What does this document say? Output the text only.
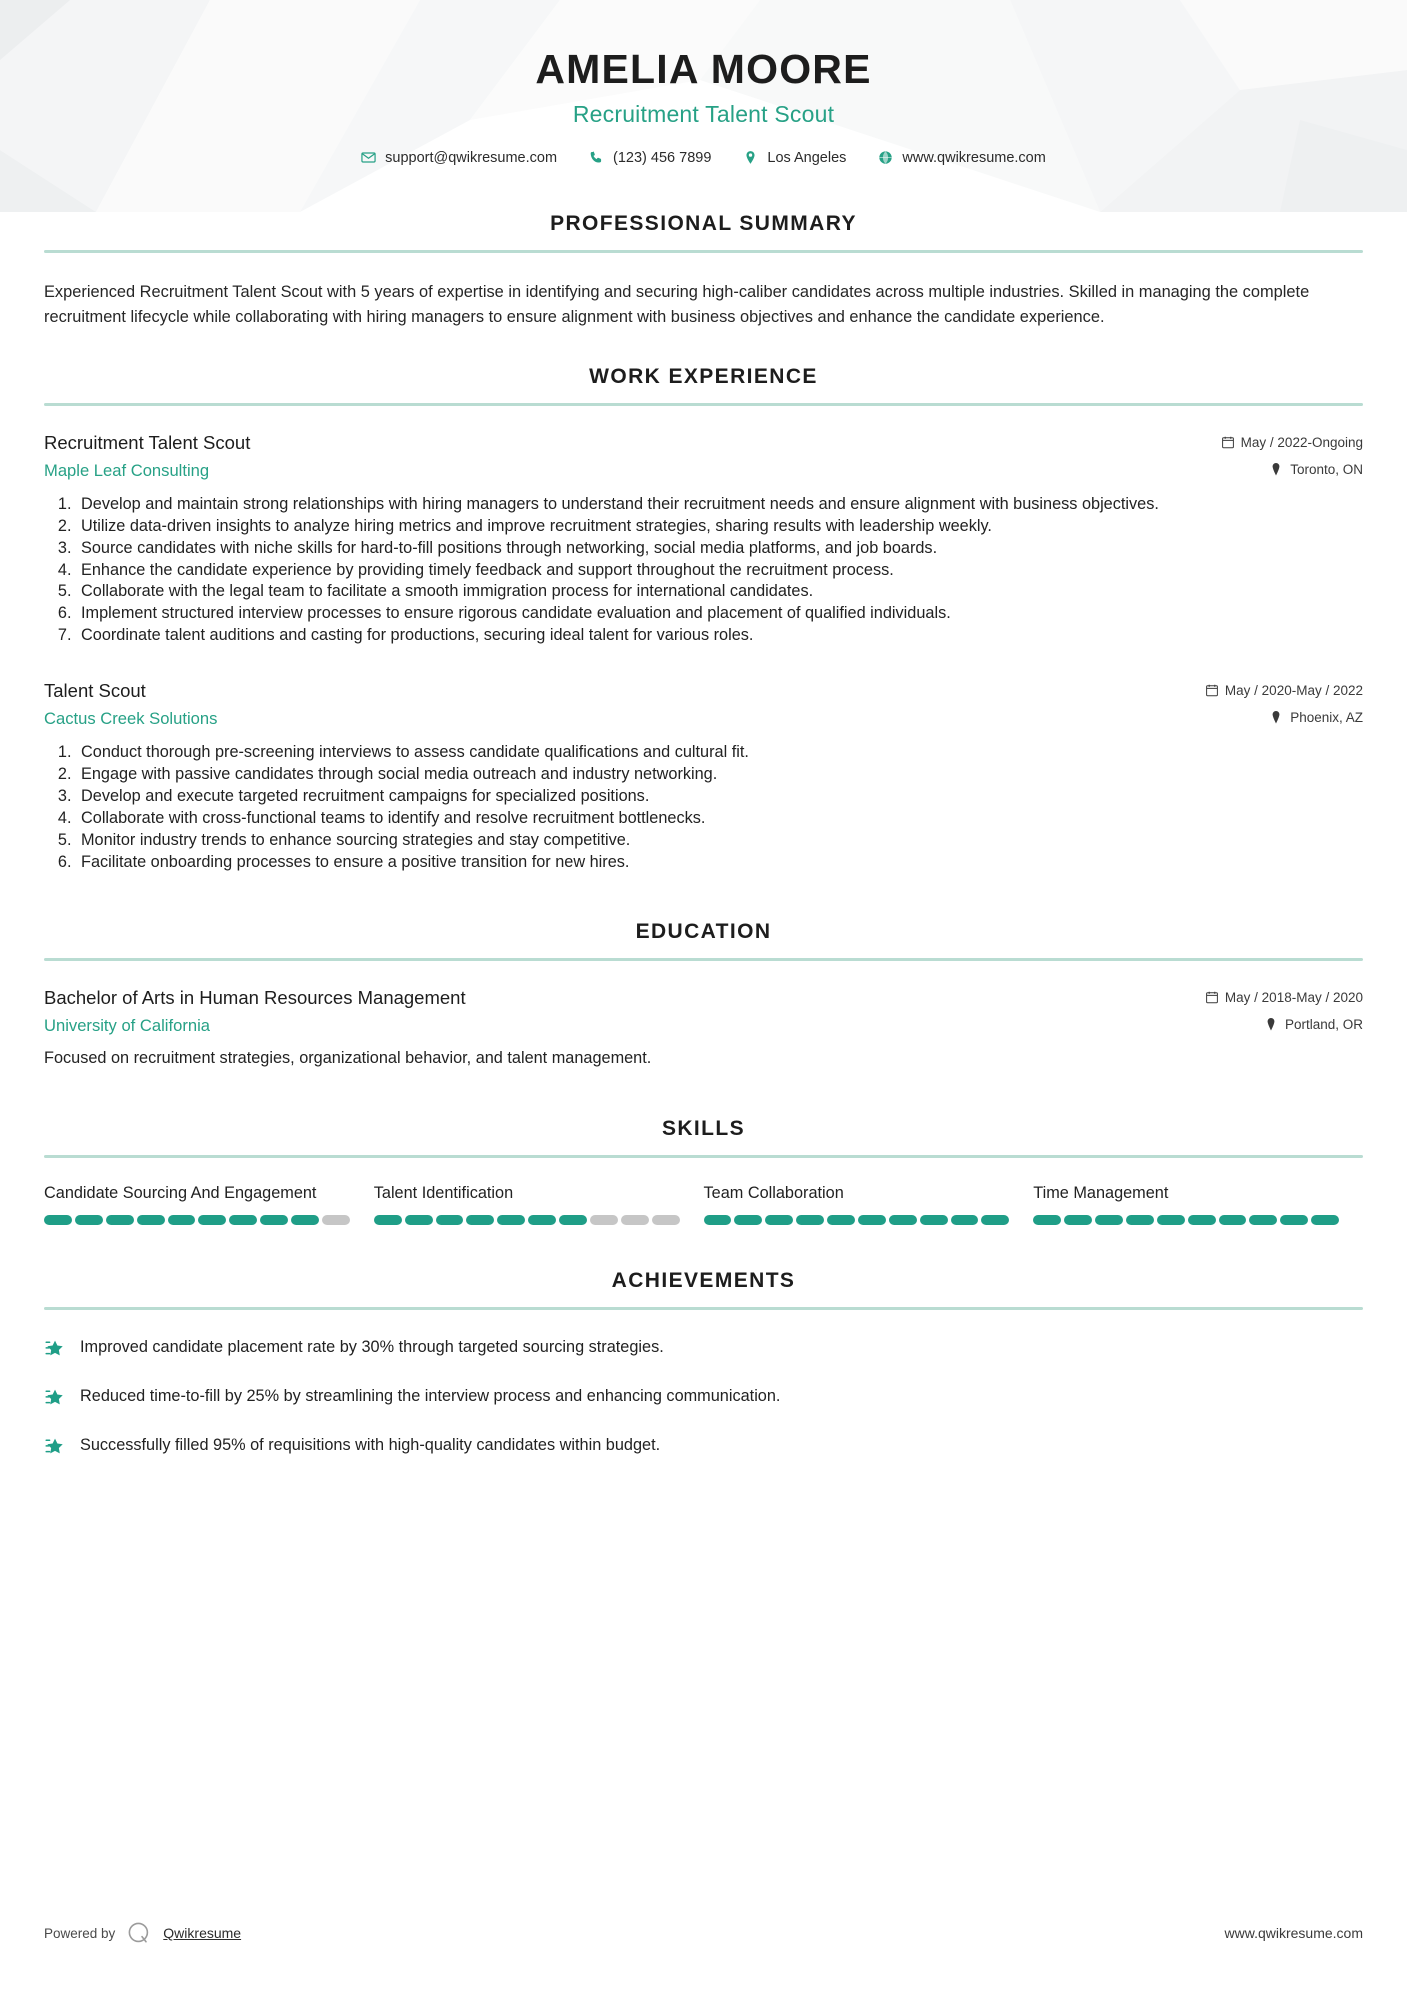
AMELIA MOORE
Recruitment Talent Scout
support@qwikresume.com	(123) 456 7899	Los Angeles	www.qwikresume.com
PROFESSIONAL SUMMARY

Experienced Recruitment Talent Scout with 5 years of expertise in identifying and securing high-caliber candidates across multiple industries. Skilled in managing the complete recruitment lifecycle while collaborating with hiring managers to ensure alignment with business objectives and enhance the candidate experience.

WORK EXPERIENCE
Recruitment Talent Scout	May / 2022-Ongoing
Maple Leaf Consulting	Toronto, ON
1. Develop and maintain strong relationships with hiring managers to understand their recruitment needs and ensure alignment with business objectives.
2. Utilize data-driven insights to analyze hiring metrics and improve recruitment strategies, sharing results with leadership weekly.
3. Source candidates with niche skills for hard-to-fill positions through networking, social media platforms, and job boards.
4. Enhance the candidate experience by providing timely feedback and support throughout the recruitment process.
5. Collaborate with the legal team to facilitate a smooth immigration process for international candidates.
6. Implement structured interview processes to ensure rigorous candidate evaluation and placement of qualified individuals.
7. Coordinate talent auditions and casting for productions, securing ideal talent for various roles.
Talent Scout	May / 2020-May / 2022
Cactus Creek Solutions	Phoenix, AZ
1. Conduct thorough pre-screening interviews to assess candidate qualifications and cultural fit.
2. Engage with passive candidates through social media outreach and industry networking.
3. Develop and execute targeted recruitment campaigns for specialized positions.
4. Collaborate with cross-functional teams to identify and resolve recruitment bottlenecks.
5. Monitor industry trends to enhance sourcing strategies and stay competitive.
6. Facilitate onboarding processes to ensure a positive transition for new hires.
EDUCATION
Bachelor of Arts in Human Resources Management	May / 2018-May / 2020
University of California	Portland, OR
Focused on recruitment strategies, organizational behavior, and talent management.
SKILLS
Candidate Sourcing And Engagement	Talent Identification	Team Collaboration	Time Management
ACHIEVEMENTS
Improved candidate placement rate by 30% through targeted sourcing strategies.
Reduced time-to-fill by 25% by streamlining the interview process and enhancing communication.
Successfully filled 95% of requisitions with high-quality candidates within budget.
Powered by	Qwikresume	www.qwikresume.com
